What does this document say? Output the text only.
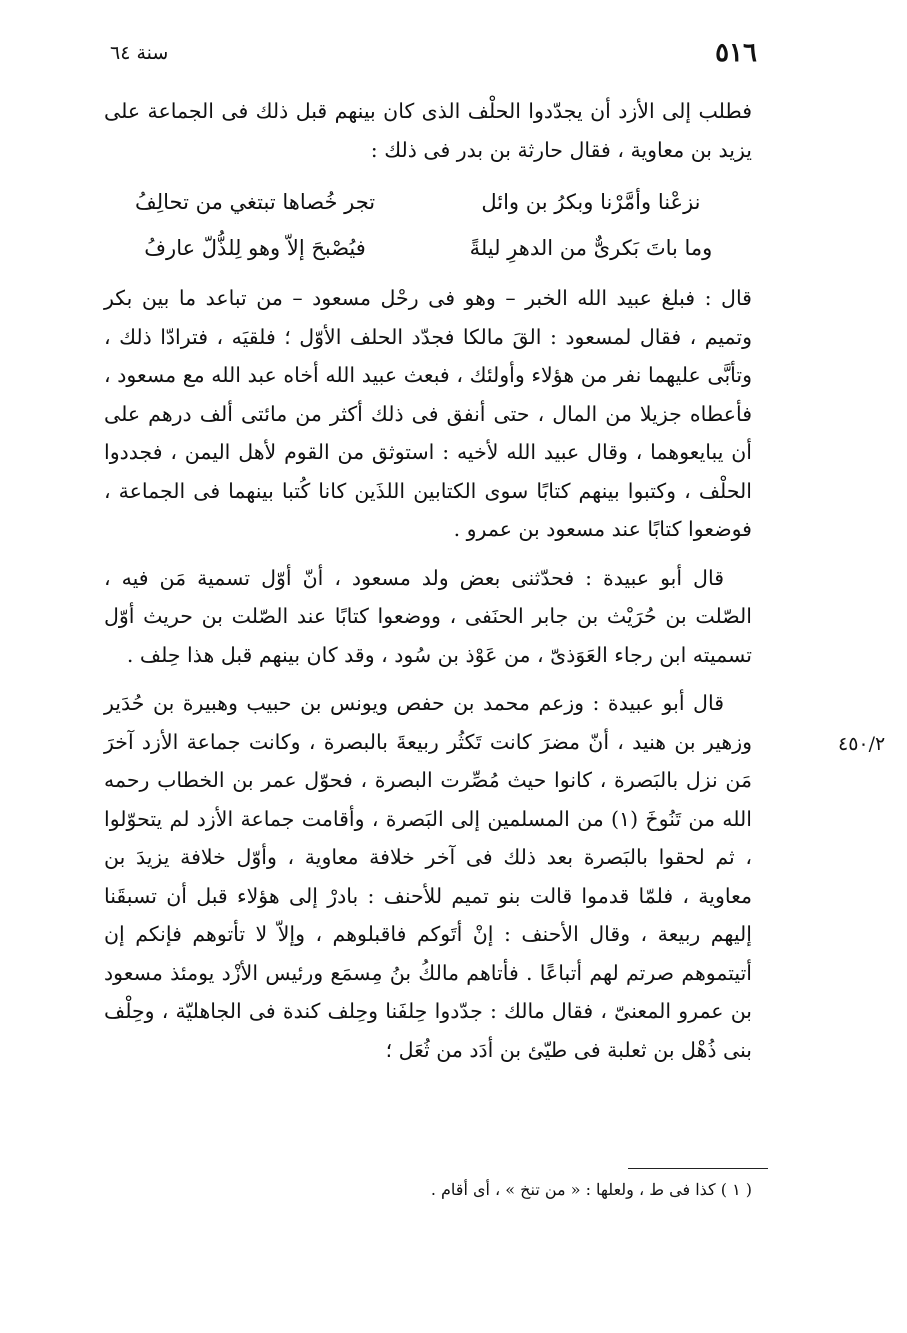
٥١٦
سنة ٦٤

فطلب إلى الأزد أن يجدّدوا الحلْف الذى كان بينهم قبل ذلك فى الجماعة على يزيد بن معاوية ، فقال حارثة بن بدر فى ذلك :

نزعْنا وأمَّرْنا وبكرُ بن وائل
تجر خُصاها تبتغي من تحالِفُ
وما باتَ بَكرىٌّ من الدهرِ ليلةً
فيُصْبحَ إلاّ وهو لِلذُّلّ عارفُ

قال : فبلغ عبيد الله الخبر – وهو فى رحْل مسعود – من تباعد ما بين بكر وتميم ، فقال لمسعود : القَ مالكا فجدّد الحلف الأوّل ؛ فلقيَه ، فترادّا ذلك ، وتأبَّى عليهما نفر من هؤلاء وأولئك ، فبعث عبيد الله أخاه عبد الله مع مسعود ، فأعطاه جزيلا من المال ، حتى أنفق فى ذلك أكثر من مائتى ألف درهم على أن يبايعوهما ، وقال عبيد الله لأخيه : استوثق من القوم لأهل اليمن ، فجددوا الحلْف ، وكتبوا بينهم كتابًا سوى الكتابين اللذَين كانا كُتبا بينهما فى الجماعة ، فوضعوا كتابًا عند مسعود بن عمرو .

قال أبو عبيدة : فحدّثنى بعض ولد مسعود ، أنّ أوّل تسمية مَن فيه ، الصّلت بن حُرَيْث بن جابر الحنَفى ، ووضعوا كتابًا عند الصّلت بن حريث أوّل تسميته ابن رجاء العَوَذىّ ، من عَوْذ بن سُود ، وقد كان بينهم قبل هذا حِلف .

قال أبو عبيدة : وزعم محمد بن حفص ويونس بن حبيب وهبيرة بن حُدَير وزهير بن هنيد ، أنّ مضرَ كانت تَكثُر ربيعةَ بالبصرة ، وكانت جماعة الأزد آخرَ مَن نزل بالبَصرة ، كانوا حيث مُصِّرت البصرة ، فحوّل عمر بن الخطاب رحمه الله من تَنُوخَ (١) من المسلمين إلى البَصرة ، وأقامت جماعة الأزد لم يتحوّلوا ، ثم لحقوا بالبَصرة بعد ذلك فى آخر خلافة معاوية ، وأوّل خلافة يزيدَ بن معاوية ، فلمّا قدموا قالت بنو تميم للأحنف : بادرْ إلى هؤلاء قبل أن تسبقَنا إليهم ربيعة ، وقال الأحنف : إنْ أتَوكم فاقبلوهم ، وإلاّ لا تأتوهم فإنكم إن أتيتموهم صرتم لهم أتباعًا . فأتاهم مالكُ بنُ مِسمَع ورئيس الأزْد يومئذ مسعود بن عمرو المعنىّ ، فقال مالك : جدّدوا حِلفَنا وحِلف كندة فى الجاهليّة ، وحِلْف بنى ذُهْل بن ثعلبة فى طيّئ بن أدَد من ثُعَل ؛

٤٥٠/٢
( ١ ) كذا فى ط ، ولعلها : « من تنخ » ، أى أقام .
